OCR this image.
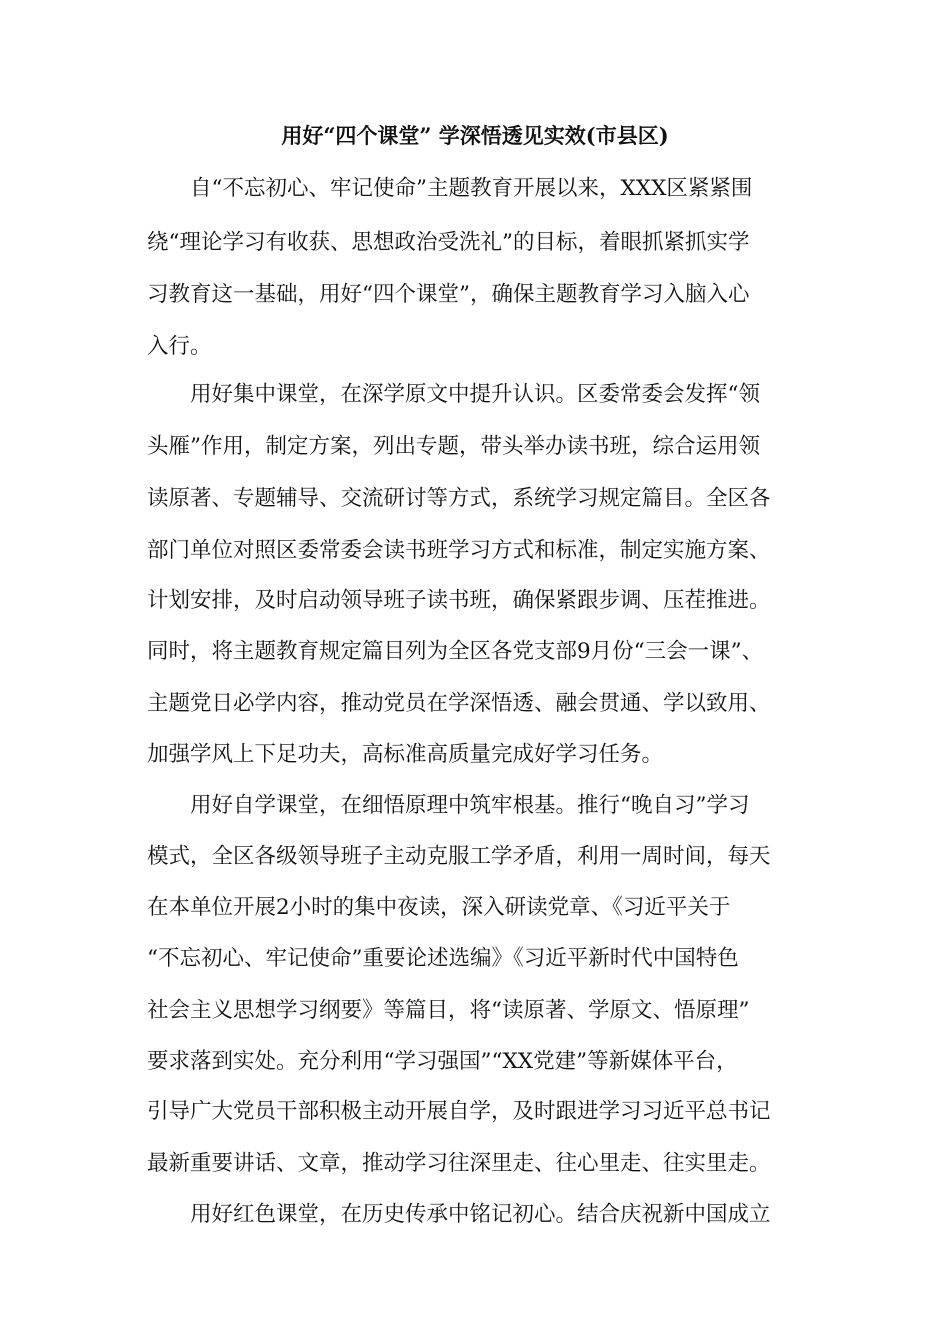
用好“四个课堂” 学深悟透见实效(市县区)
自“不忘初心、牢记使命”主题教育开展以来，XXX区紧紧围
绕“理论学习有收获、思想政治受洗礼”的目标，着眼抓紧抓实学
习教育这一基础，用好“四个课堂”，确保主题教育学习入脑入心
入行。
用好集中课堂，在深学原文中提升认识。区委常委会发挥“领
头雁”作用，制定方案，列出专题，带头举办读书班，综合运用领
读原著、专题辅导、交流研讨等方式，系统学习规定篇目。全区各
部门单位对照区委常委会读书班学习方式和标准，制定实施方案、
计划安排，及时启动领导班子读书班，确保紧跟步调、压茬推进。
同时，将主题教育规定篇目列为全区各党支部9月份“三会一课”、
主题党日必学内容，推动党员在学深悟透、融会贯通、学以致用、
加强学风上下足功夫，高标准高质量完成好学习任务。
用好自学课堂，在细悟原理中筑牢根基。推行“晚自习”学习
模式，全区各级领导班子主动克服工学矛盾，利用一周时间，每天
在本单位开展2小时的集中夜读，深入研读党章、《习近平关于
“不忘初心、牢记使命”重要论述选编》《习近平新时代中国特色
社会主义思想学习纲要》等篇目，将“读原著、学原文、悟原理”
要求落到实处。充分利用“学习强国”“XX党建”等新媒体平台，
引导广大党员干部积极主动开展自学，及时跟进学习习近平总书记
最新重要讲话、文章，推动学习往深里走、往心里走、往实里走。
用好红色课堂，在历史传承中铭记初心。结合庆祝新中国成立
